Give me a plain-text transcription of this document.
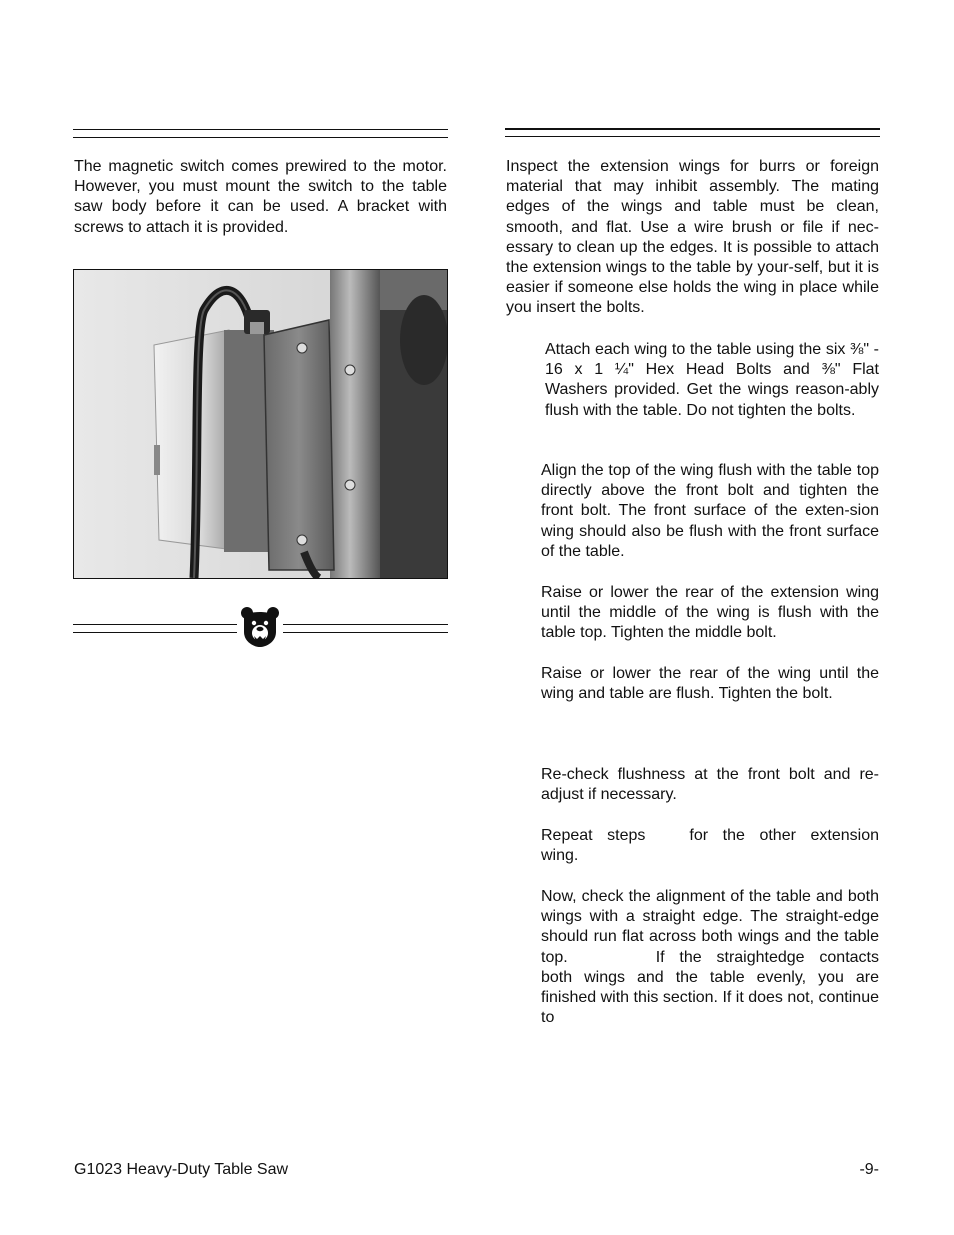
The magnetic switch comes prewired to the motor. However, you must mount the switch to the table saw body before it can be used. A bracket with screws to attach it is provided.

Inspect the extension wings for burrs or foreign material that may inhibit assembly. The mating edges of the wings and table must be clean, smooth, and flat. Use a wire brush or file if nec-essary to clean up the edges. It is possible to attach the extension wings to the table by your-self, but it is easier if someone else holds the wing in place while you insert the bolts.

Attach each wing to the table using the six ⅜" - 16 x 1 ¼" Hex Head Bolts and ⅜" Flat Washers provided. Get the wings reason-ably flush with the table. Do not tighten the bolts.

Align the top of the wing flush with the table top directly above the front bolt and tighten the front bolt. The front surface of the exten-sion wing should also be flush with the front surface of the table.

Raise or lower the rear of the extension wing until the middle of the wing is flush with the table top. Tighten the middle bolt.

Raise or lower the rear of the wing until the wing and table are flush. Tighten the bolt.

Re-check flushness at the front bolt and re-adjust if necessary.

Repeat steps	for the other extension wing.

Now, check the alignment of the table and both wings with a straight edge. The straight-edge should run flat across both wings and the table top.	If the straightedge contacts both wings and the table evenly, you are finished with this section. If it does not, continue to

G1023 Heavy-Duty Table Saw	-9-
